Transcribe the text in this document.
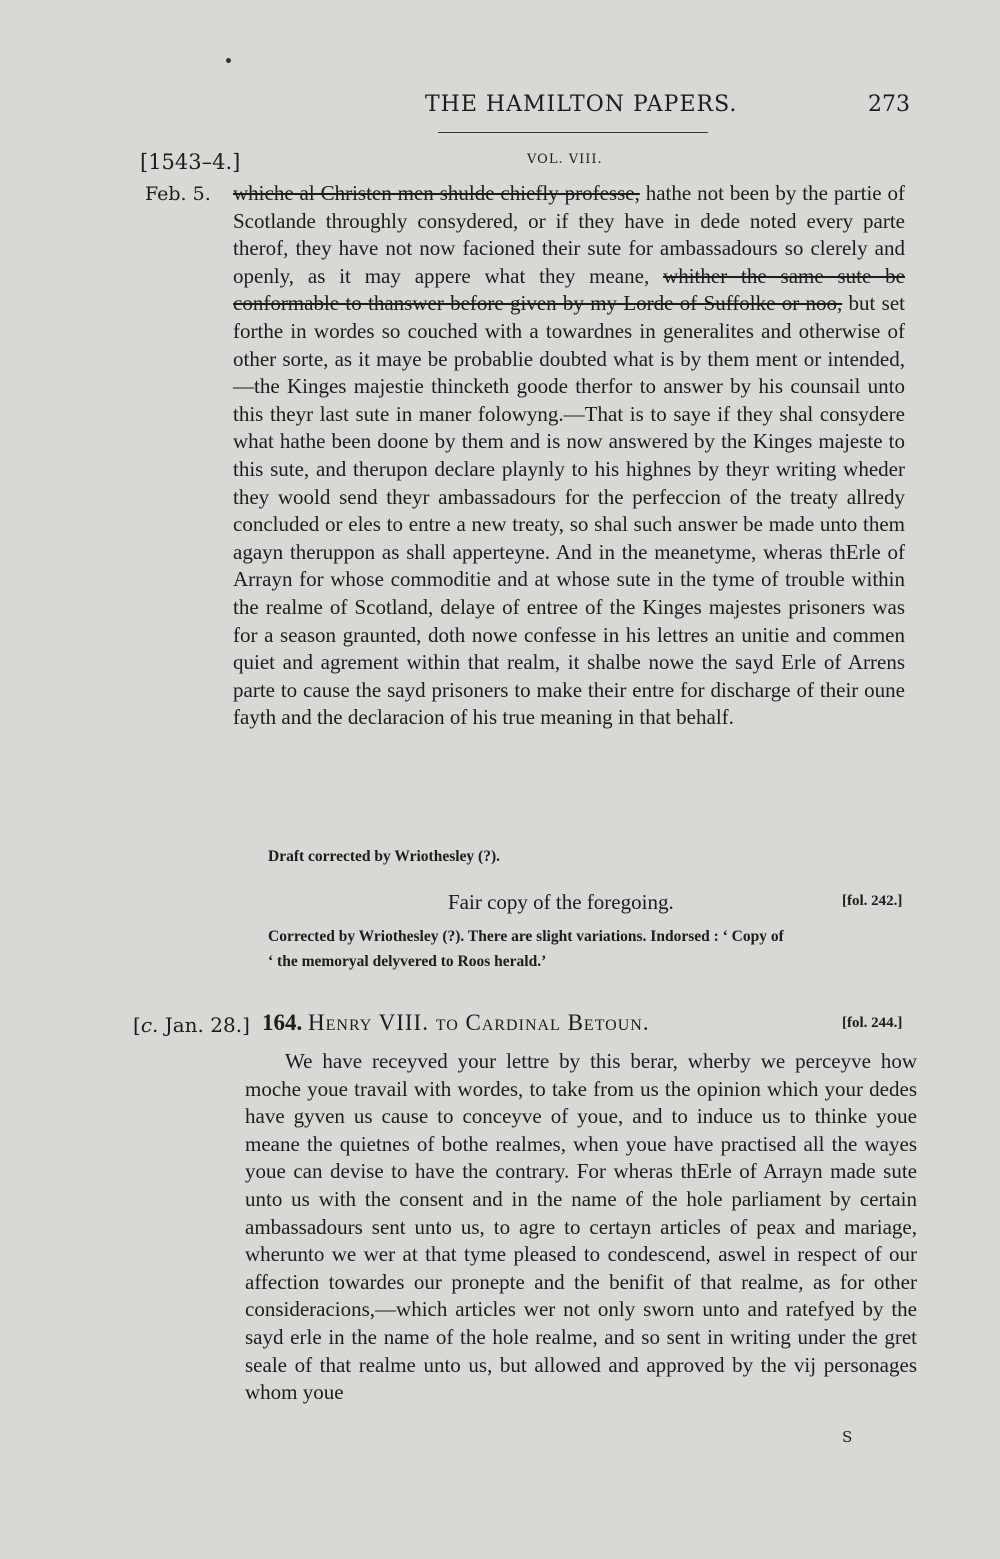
THE HAMILTON PAPERS.	273
[1543–4.]	VOL. VIII.
Feb. 5. whiche al Christen men shulde chiefly professe, hathe not been by the partie of Scotlande throughly consydered, or if they have in dede noted every parte therof, they have not now facioned their sute for ambassadours so clerely and openly, as it may appere what they meane, whither the same sute be conformable to thanswer before given by my Lorde of Suffolke or noo, but set forthe in wordes so couched with a towardnes in generalites and otherwise of other sorte, as it maye be probablie doubted what is by them ment or intended,—the Kinges majestie thincketh goode therfor to answer by his counsail unto this theyr last sute in maner folowyng.—That is to saye if they shal consydere what hathe been doone by them and is now answered by the Kinges majeste to this sute, and therupon declare playnly to his highnes by theyr writing wheder they woold send theyr ambassadours for the perfeccion of the treaty allredy concluded or eles to entre a new treaty, so shal such answer be made unto them agayn theruppon as shall apperteyne. And in the meanetyme, wheras thErle of Arrayn for whose commoditie and at whose sute in the tyme of trouble within the realme of Scotland, delaye of entree of the Kinges majestes prisoners was for a season graunted, doth nowe confesse in his lettres an unitie and commen quiet and agrement within that realm, it shalbe nowe the sayd Erle of Arrens parte to cause the sayd prisoners to make their entre for discharge of their oune fayth and the declaracion of his true meaning in that behalf.
Draft corrected by Wriothesley (?).
Fair copy of the foregoing.	[fol. 242.]
Corrected by Wriothesley (?). There are slight variations. Indorsed : ‘ Copy of
‘ the memoryal delyvered to Roos herald.’
[c. Jan. 28.] 164. Henry VIII. to Cardinal Betoun.	[fol. 244.]
We have receyved your lettre by this berar, wherby we perceyve how moche youe travail with wordes, to take from us the opinion which your dedes have gyven us cause to conceyve of youe, and to induce us to thinke youe meane the quietnes of bothe realmes, when youe have practised all the wayes youe can devise to have the contrary. For wheras thErle of Arrayn made sute unto us with the consent and in the name of the hole parliament by certain ambassadours sent unto us, to agre to certayn articles of peax and mariage, wherunto we wer at that tyme pleased to condescend, aswel in respect of our affection towardes our pronepte and the benifit of that realme, as for other consideracions,—which articles wer not only sworn unto and ratefyed by the sayd erle in the name of the hole realme, and so sent in writing under the gret seale of that realme unto us, but allowed and approved by the vij personages whom youe
S
